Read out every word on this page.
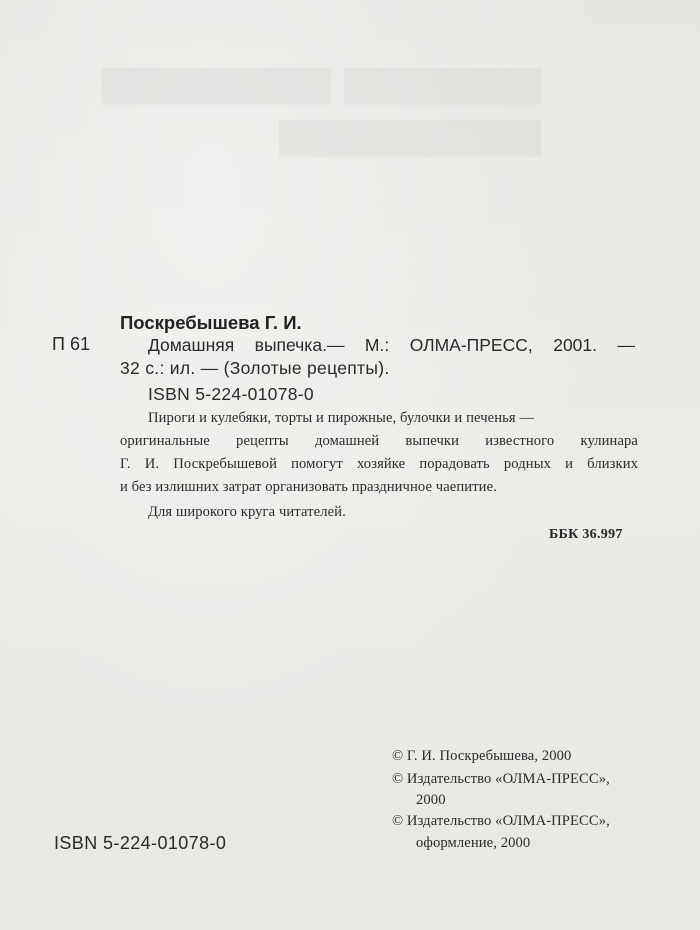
▆▆▆▆▆▆ ▆▆▆▆▆▆▆
▆▆▆▆▆▆▆▆
Поскребышева Г. И.
П 61	Домашняя выпечка.— М.: ОЛМА-ПРЕСС, 2001. —
32 с.: ил. — (Золотые рецепты).
ISBN 5-224-01078-0
Пироги и кулебяки, торты и пирожные, булочки и печенья —
оригинальные рецепты домашней выпечки известного кулинара
Г. И. Поскребышевой помогут хозяйке порадовать родных и близких
и без излишних затрат организовать праздничное чаепитие.
Для широкого круга читателей.
ББК 36.997
© Г. И. Поскребышева, 2000
© Издательство «ОЛМА-ПРЕСС»,
2000
© Издательство «ОЛМА-ПРЕСС»,
оформление, 2000
ISBN 5-224-01078-0
